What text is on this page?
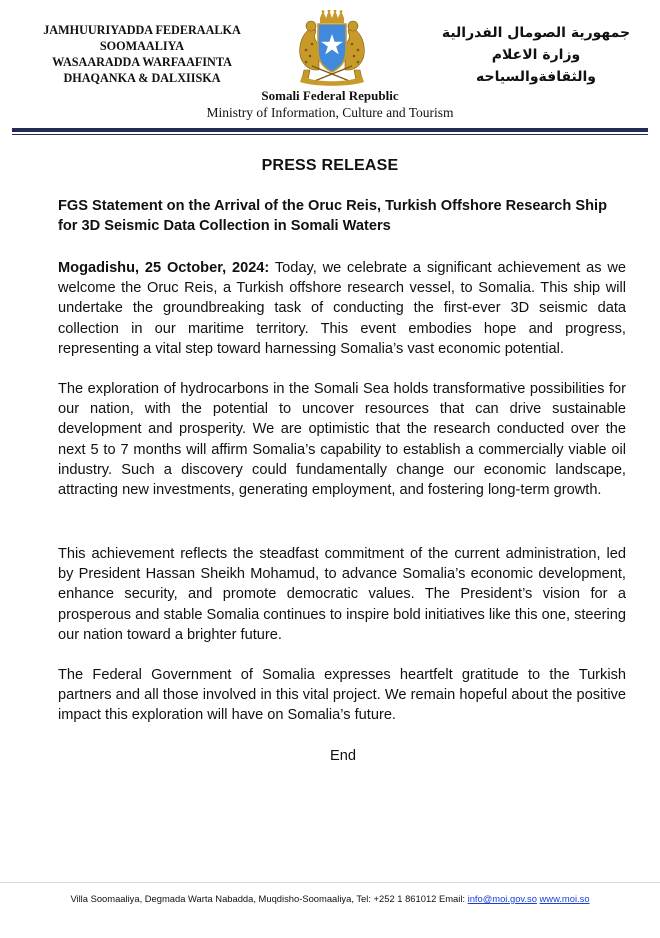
JAMHUURIYADDA FEDERAALKA
SOOMAALIYA
WASAARADDA WARFAAFINTA
DHAQANKA & DALXIISKA
جمهورية الصومال الفدرالية
وزارة الاعلام
والثقافةوالسياحه
Somali Federal Republic
Ministry of Information, Culture and Tourism
PRESS RELEASE
FGS Statement on the Arrival of the Oruc Reis, Turkish Offshore Research Ship for 3D Seismic Data Collection in Somali Waters
Mogadishu, 25 October, 2024: Today, we celebrate a significant achievement as we welcome the Oruc Reis, a Turkish offshore research vessel, to Somalia. This ship will undertake the groundbreaking task of conducting the first-ever 3D seismic data collection in our maritime territory. This event embodies hope and progress, representing a vital step toward harnessing Somalia’s vast economic potential.
The exploration of hydrocarbons in the Somali Sea holds transformative possibilities for our nation, with the potential to uncover resources that can drive sustainable development and prosperity. We are optimistic that the research conducted over the next 5 to 7 months will affirm Somalia’s capability to establish a commercially viable oil industry. Such a discovery could fundamentally change our economic landscape, attracting new investments, generating employment, and fostering long-term growth.
This achievement reflects the steadfast commitment of the current administration, led by President Hassan Sheikh Mohamud, to advance Somalia’s economic development, enhance security, and promote democratic values. The President’s vision for a prosperous and stable Somalia continues to inspire bold initiatives like this one, steering our nation toward a brighter future.
The Federal Government of Somalia expresses heartfelt gratitude to the Turkish partners and all those involved in this vital project. We remain hopeful about the positive impact this exploration will have on Somalia’s future.
End
Villa Soomaaliya, Degmada Warta Nabadda, Muqdisho-Soomaaliya, Tel: +252 1 861012 Email: info@moi.gov.so www.moi.so
